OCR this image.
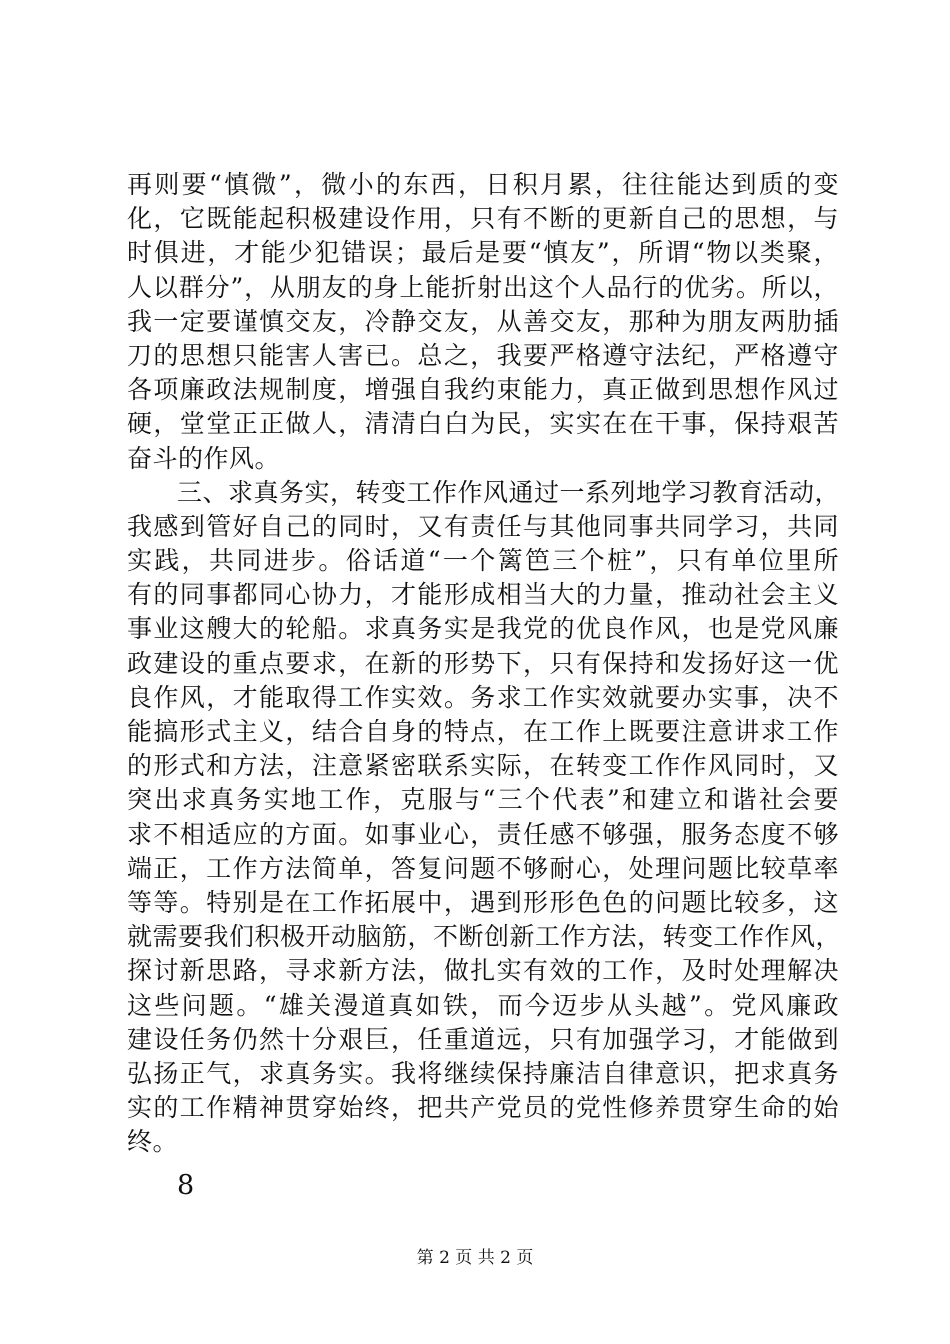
再则要“慎微”，微小的东西，日积月累，往往能达到质的变
化，它既能起积极建设作用，只有不断的更新自己的思想，与
时俱进，才能少犯错误；最后是要“慎友”，所谓“物以类聚，
人以群分”，从朋友的身上能折射出这个人品行的优劣。所以，
我一定要谨慎交友，冷静交友，从善交友，那种为朋友两肋插
刀的思想只能害人害已。总之，我要严格遵守法纪，严格遵守
各项廉政法规制度，增强自我约束能力，真正做到思想作风过
硬，堂堂正正做人，清清白白为民，实实在在干事，保持艰苦
奋斗的作风。
三、求真务实，转变工作作风通过一系列地学习教育活动，
我感到管好自己的同时，又有责任与其他同事共同学习，共同
实践，共同进步。俗话道“一个篱笆三个桩”，只有单位里所
有的同事都同心协力，才能形成相当大的力量，推动社会主义
事业这艘大的轮船。求真务实是我党的优良作风，也是党风廉
政建设的重点要求，在新的形势下，只有保持和发扬好这一优
良作风，才能取得工作实效。务求工作实效就要办实事，决不
能搞形式主义，结合自身的特点，在工作上既要注意讲求工作
的形式和方法，注意紧密联系实际，在转变工作作风同时，又
突出求真务实地工作，克服与“三个代表”和建立和谐社会要
求不相适应的方面。如事业心，责任感不够强，服务态度不够
端正，工作方法简单，答复问题不够耐心，处理问题比较草率
等等。特别是在工作拓展中，遇到形形色色的问题比较多，这
就需要我们积极开动脑筋，不断创新工作方法，转变工作作风，
探讨新思路，寻求新方法，做扎实有效的工作，及时处理解决
这些问题。“雄关漫道真如铁，而今迈步从头越”。党风廉政
建设任务仍然十分艰巨，任重道远，只有加强学习，才能做到
弘扬正气，求真务实。我将继续保持廉洁自律意识，把求真务
实的工作精神贯穿始终，把共产党员的党性修养贯穿生命的始
终。
8
第 2 页 共 2 页
